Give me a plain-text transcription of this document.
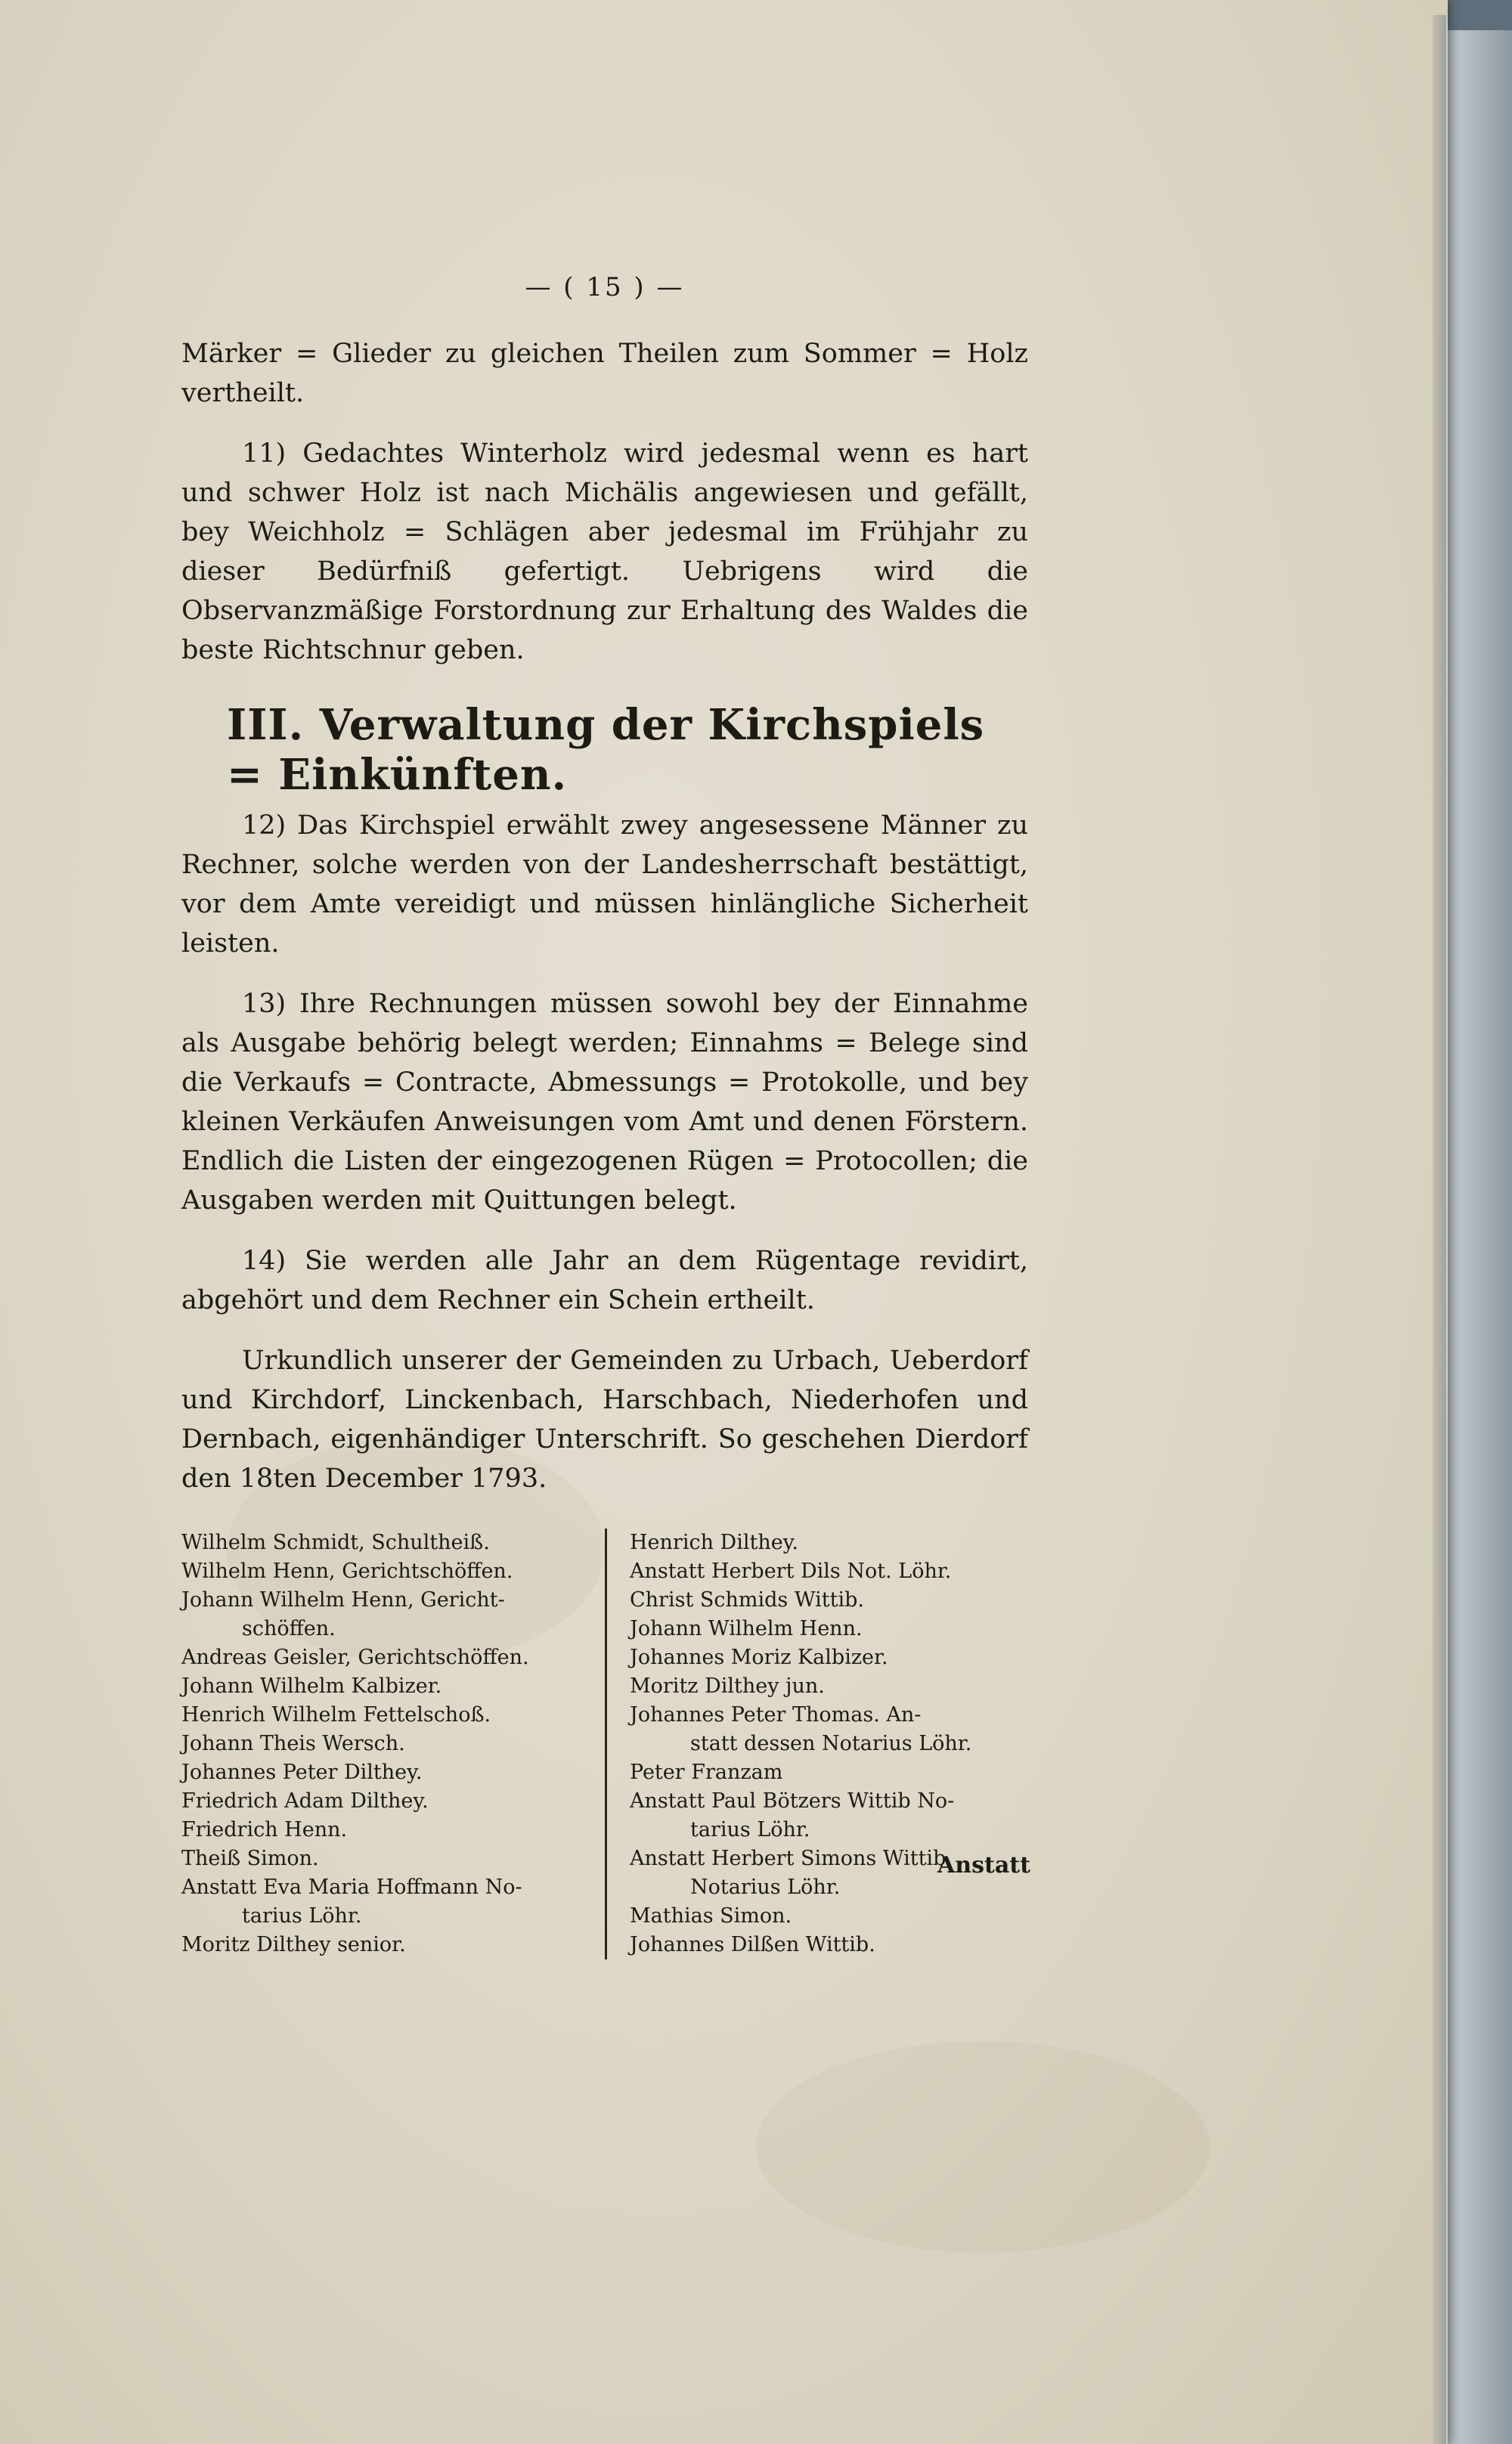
— ( 15 ) —

Märker = Glieder zu gleichen Theilen zum Sommer = Holz vertheilt.

11) Gedachtes Winterholz wird jedesmal wenn es hart und schwer Holz ist nach Michälis angewiesen und gefällt, bey Weichholz = Schlägen aber jedesmal im Frühjahr zu dieser Bedürfniß gefertigt. Uebrigens wird die Observanzmäßige Forstordnung zur Erhaltung des Waldes die beste Richtschnur geben.

III. Verwaltung der Kirchspiels = Einkünften.

12) Das Kirchspiel erwählt zwey angesessene Männer zu Rechner, solche werden von der Landesherrschaft bestättigt, vor dem Amte vereidigt und müssen hinlängliche Sicherheit leisten.

13) Ihre Rechnungen müssen sowohl bey der Einnahme als Ausgabe behörig belegt werden; Einnahms = Belege sind die Verkaufs = Contracte, Abmessungs = Protokolle, und bey kleinen Verkäufen Anweisungen vom Amt und denen Förstern. Endlich die Listen der eingezogenen Rügen = Protocollen; die Ausgaben werden mit Quittungen belegt.

14) Sie werden alle Jahr an dem Rügentage revidirt, abgehört und dem Rechner ein Schein ertheilt.

Urkundlich unserer der Gemeinden zu Urbach, Ueberdorf und Kirchdorf, Linckenbach, Harschbach, Niederhofen und Dernbach, eigenhändiger Unterschrift. So geschehen Dierdorf den 18ten December 1793.

Wilhelm Schmidt, Schultheiß.
Wilhelm Henn, Gerichtschöffen.
Johann Wilhelm Henn, Gericht-
schöffen.
Andreas Geisler, Gerichtschöffen.
Johann Wilhelm Kalbizer.
Henrich Wilhelm Fettelschoß.
Johann Theis Wersch.
Johannes Peter Dilthey.
Friedrich Adam Dilthey.
Friedrich Henn.
Theiß Simon.
Anstatt Eva Maria Hoffmann No-
tarius Löhr.
Moritz Dilthey senior.
Henrich Dilthey.
Anstatt Herbert Dils Not. Löhr.
Christ Schmids Wittib.
Johann Wilhelm Henn.
Johannes Moriz Kalbizer.
Moritz Dilthey jun.
Johannes Peter Thomas. An-
statt dessen Notarius Löhr.
Peter Franzam
Anstatt Paul Bötzers Wittib No-
tarius Löhr.
Anstatt Herbert Simons Wittib
Notarius Löhr.
Mathias Simon.
Johannes Dilßen Wittib.
Anstatt
